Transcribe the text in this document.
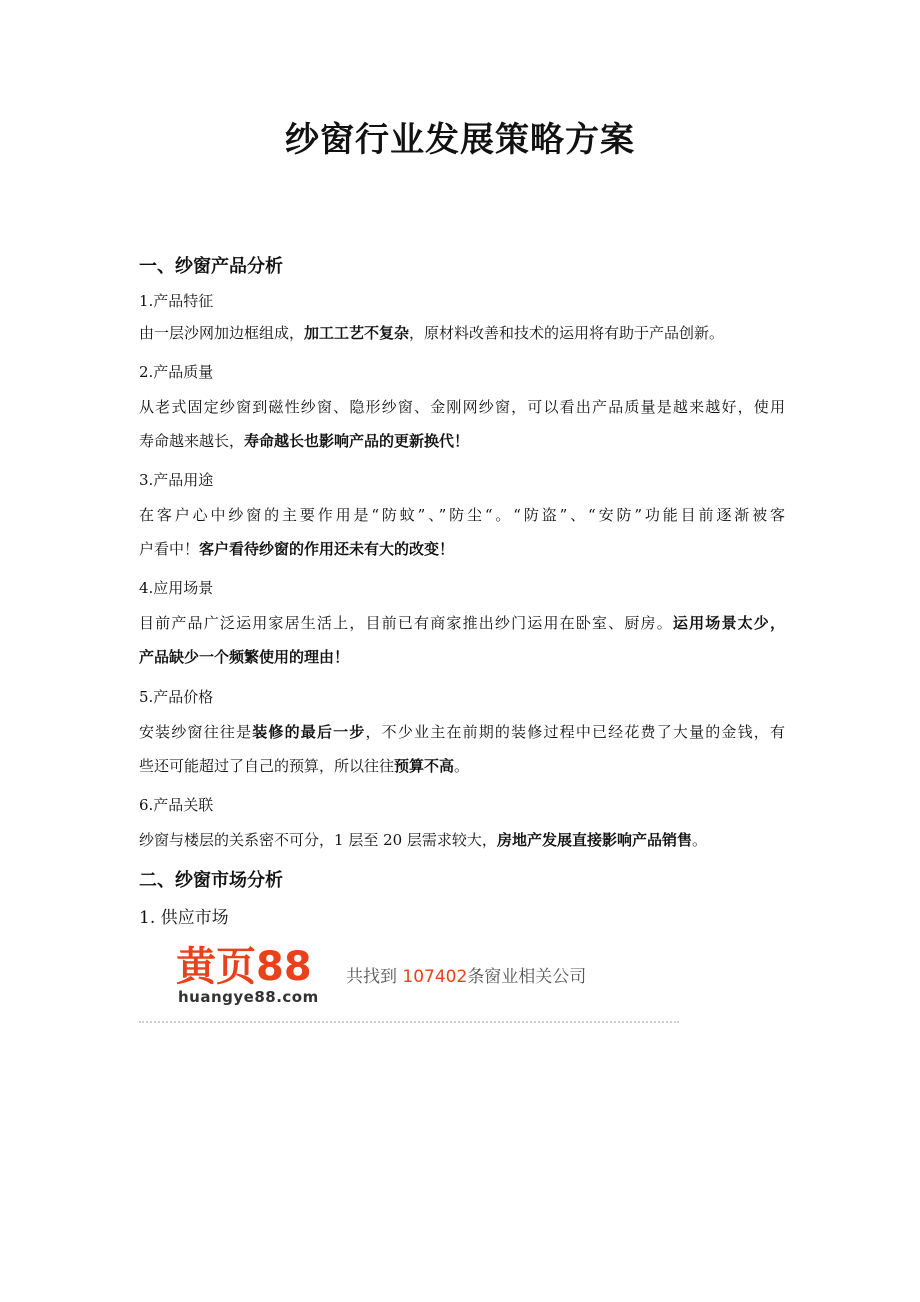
纱窗行业发展策略方案
一、纱窗产品分析
1.产品特征
由一层沙网加边框组成，加工工艺不复杂，原材料改善和技术的运用将有助于产品创新。
2.产品质量
从老式固定纱窗到磁性纱窗、隐形纱窗、金刚网纱窗，可以看出产品质量是越来越好，使用
寿命越来越长，寿命越长也影响产品的更新换代！
3.产品用途
在客户心中纱窗的主要作用是“防蚊”、”防尘“。“防盗”、“安防”功能目前逐渐被客
户看中！客户看待纱窗的作用还未有大的改变！
4.应用场景
目前产品广泛运用家居生活上，目前已有商家推出纱门运用在卧室、厨房。运用场景太少，
产品缺少一个频繁使用的理由！
5.产品价格
安装纱窗往往是装修的最后一步，不少业主在前期的装修过程中已经花费了大量的金钱，有
些还可能超过了自己的预算，所以往往预算不高。
6.产品关联
纱窗与楼层的关系密不可分，1 层至 20 层需求较大，房地产发展直接影响产品销售。
二、纱窗市场分析
1. 供应市场
黄页88
huangye88.com
共找到 107402条窗业相关公司
